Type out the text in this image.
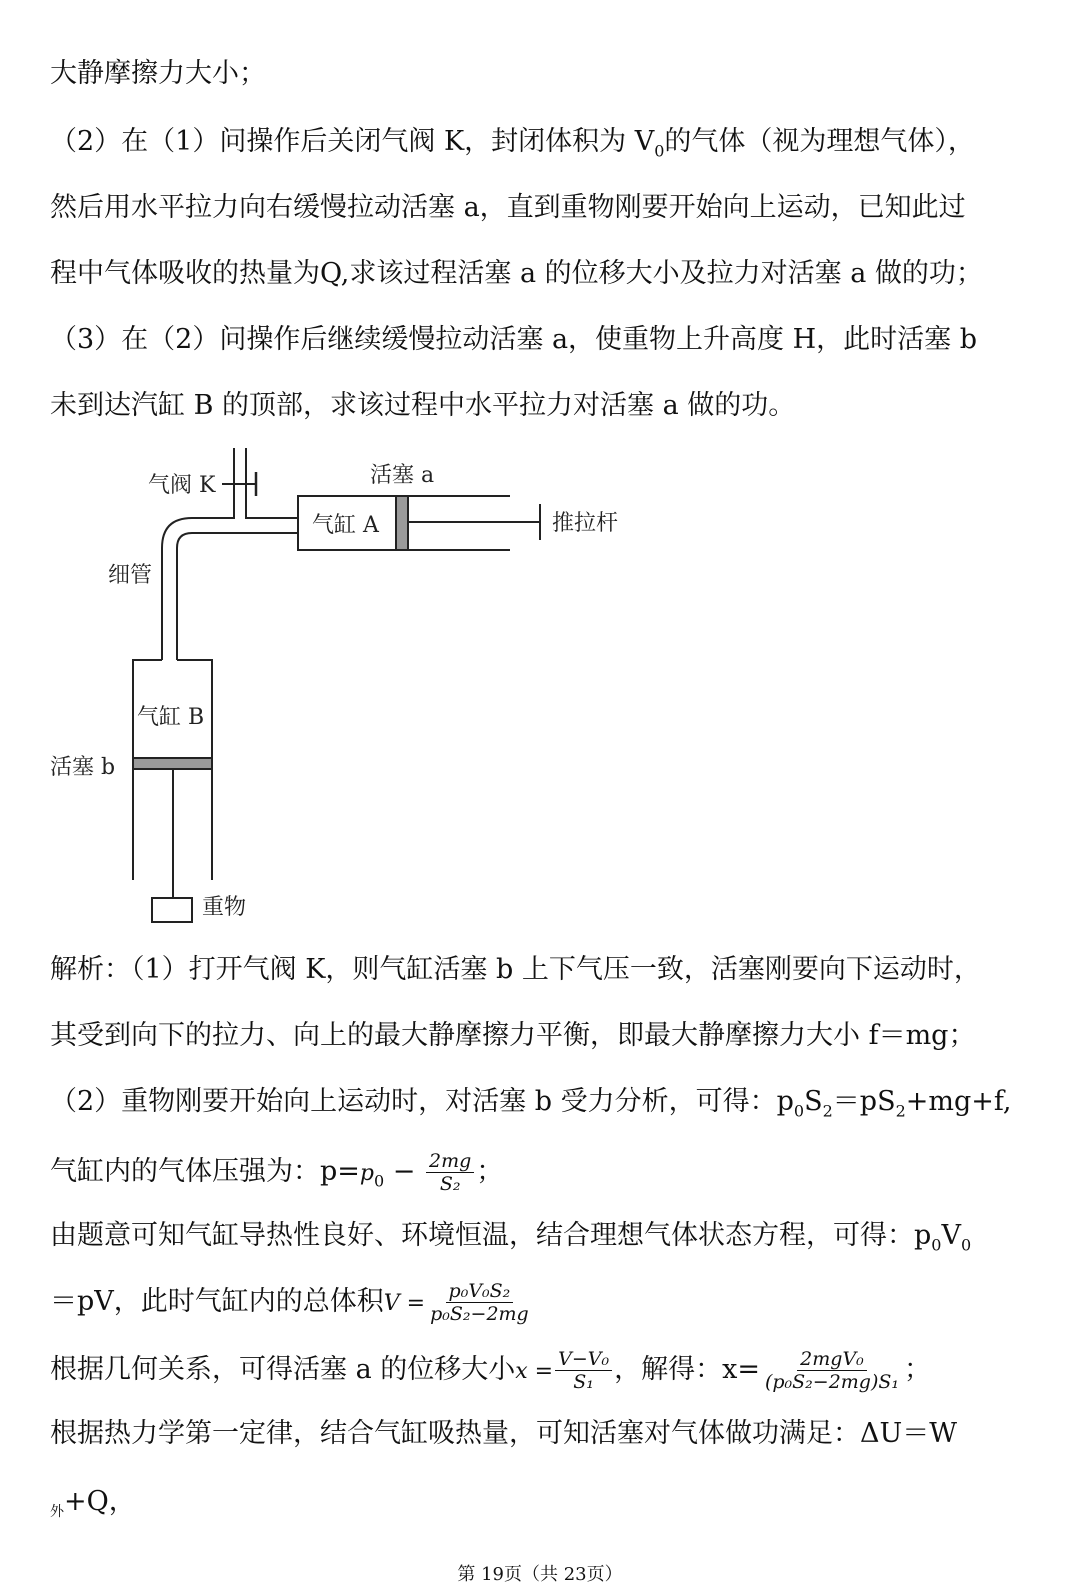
大静摩擦力大小；
（2）在（1）问操作后关闭气阀 K，封闭体积为 $V_0$的气体（视为理想气体），
然后用水平拉力向右缓慢拉动活塞 a，直到重物刚要开始向上运动，已知此过
程中气体吸收的热量为Q,求该过程活塞 a 的位移大小及拉力对活塞 a 做的功；
（3）在（2）问操作后继续缓慢拉动活塞 a，使重物上升高度 H，此时活塞 b
未到达汽缸 B 的顶部，求该过程中水平拉力对活塞 a 做的功。
气阀 K	活塞 a
气缸 A	推拉杆
细管
气缸 B
活塞 b
重物
解析：（1）打开气阀 K，则气缸活塞 b 上下气压一致，活塞刚要向下运动时，
其受到向下的拉力、向上的最大静摩擦力平衡，即最大静摩擦力大小 f＝mg；
（2）重物刚要开始向上运动时，对活塞 b 受力分析，可得：$p_0S_2=pS_2+mg+f$,
气缸内的气体压强为：$p=p_0 - \frac{2mg}{\text{S₂}}$ ；
由题意可知气缸导热性良好、环境恒温，结合理想气体状态方程，可得：$p_0V_0$
＝pV，此时气缸内的总体积$V = \frac{\text{p₀V₀S₂}}{\text{p₀S₂−2mg}}$
根据几何关系，可得活塞 a 的位移大小$x = \frac{\text{V−V₀}}{\text{S₁}}$ ，解得：$x= \frac{\text{2mgV₀}}{\text{(p₀S₂−2mg)S₁}}$ ；
根据热力学第一定律，结合气缸吸热量，可知活塞对气体做功满足：ΔU＝W
$_外$+Q，
第 19页（共 23页）
